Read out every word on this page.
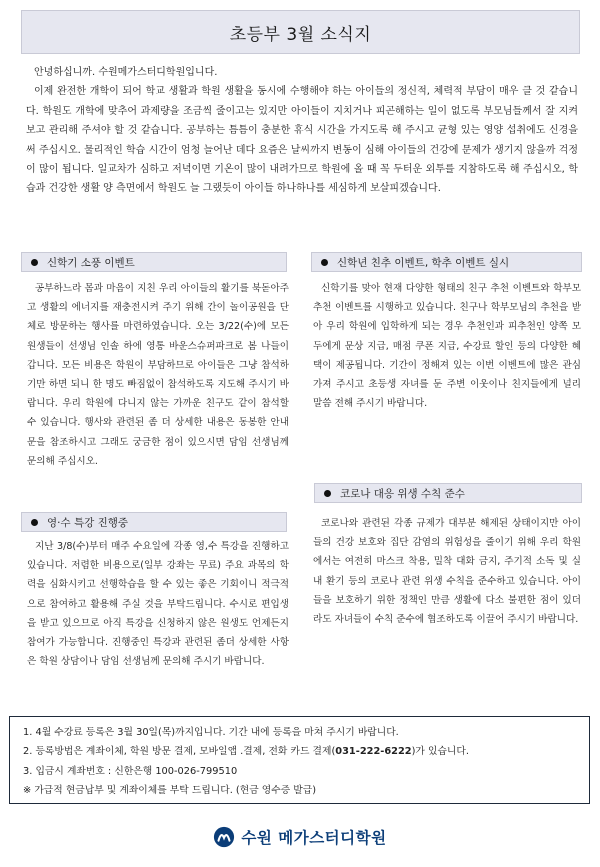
초등부 3월 소식지

안녕하십니까. 수원메가스터디학원입니다.

이제 완전한 개학이 되어 학교 생활과 학원 생활을 동시에 수행해야 하는 아이들의 정신적, 체력적 부담이 매우 클 것 같습니다. 학원도 개학에 맞추어 과제량을 조금씩 줄이고는 있지만 아이들이 지치거나 피곤해하는 일이 없도록 부모님들께서 잘 지켜보고 관리해 주셔야 할 것 같습니다. 공부하는 틈틈이 충분한 휴식 시간을 가지도록 해 주시고 균형 있는 영양 섭취에도 신경을 써 주십시오. 물리적인 학습 시간이 엄청 늘어난 데다 요즘은 날씨까지 변동이 심해 아이들의 건강에 문제가 생기지 않을까 걱정이 많이 됩니다. 일교차가 심하고 저녁이면 기온이 많이 내려가므로 학원에 올 때 꼭 두터운 외투를 지참하도록 해 주십시오, 학습과 건강한 생활 양 측면에서 학원도 늘 그랬듯이 아이들 하나하나를 세심하게 보살피겠습니다.

신학기 소풍 이벤트

공부하느라 몸과 마음이 지친 우리 아이들의 활기를 북돋아주고 생활의 에너지를 재충전시켜 주기 위해 간이 놀이공원을 단체로 방문하는 행사를 마련하였습니다. 오는 3/22(수)에 모든 원생들이 선생님 인솔 하에 영통 바운스슈퍼파크로 봄 나들이 갑니다. 모든 비용은 학원이 부담하므로 아이들은 그냥 참석하기만 하면 되니 한 명도 빠짐없이 참석하도록 지도해 주시기 바랍니다. 우리 학원에 다니지 않는 가까운 친구도 같이 참석할 수 있습니다. 행사와 관련된 좀 더 상세한 내용은 동봉한 안내문을 참조하시고 그래도 궁금한 점이 있으시면 담임 선생님께 문의해 주십시오.

영·수 특강 진행중

지난 3/8(수)부터 매주 수요일에 각종 영,수 특강을 진행하고 있습니다. 저렴한 비용으로(일부 강좌는 무료) 주요 과목의 학력을 심화시키고 선행학습을 할 수 있는 좋은 기회이니 적극적으로 참여하고 활용해 주실 것을 부탁드립니다. 수시로 편입생을 받고 있으므로 아직 특강을 신청하지 않은 원생도 언제든지 참여가 가능합니다. 진행중인 특강과 관련된 좀더 상세한 사항은 학원 상담이나 담임 선생님께 문의해 주시기 바랍니다.

신학년 친추 이벤트, 학추 이벤트 실시

신학기를 맞아 현재 다양한 형태의 친구 추천 이벤트와 학부모 추천 이벤트를 시행하고 있습니다. 친구나 학부모님의 추천을 받아 우리 학원에 입학하게 되는 경우 추천인과 피추천인 양쪽 모두에게 문상 지급, 매점 쿠폰 지급, 수강료 할인 등의 다양한 혜택이 제공됩니다. 기간이 정해져 있는 이번 이벤트에 많은 관심 가져 주시고 초등생 자녀를 둔 주변 이웃이나 친지들에게 널리 말씀 전해 주시기 바랍니다.

코로나 대응 위생 수칙 준수

코로나와 관련된 각종 규제가 대부분 해제된 상태이지만 아이들의 건강 보호와 집단 감염의 위험성을 줄이기 위해 우리 학원에서는 여전히 마스크 착용, 밀착 대화 금지, 주기적 소독 및 실내 환기 등의 코로나 관련 위생 수칙을 준수하고 있습니다. 아이들을 보호하기 위한 정책인 만큼 생활에 다소 불편한 점이 있더라도 자녀들이 수칙 준수에 협조하도록 이끌어 주시기 바랍니다.

1. 4월 수강료 등록은 3월 30일(목)까지입니다. 기간 내에 등록을 마쳐 주시기 바랍니다.
2. 등록방법은 계좌이체, 학원 방문 결제, 모바일앱 .결제, 전화 카드 결제(031-222-6222)가 있습니다.
3. 입금시 계좌번호 : 신한은행 100-026-799510
※ 가급적 현금납부 및 계좌이체를 부탁 드립니다. (현금 영수증 발급)
수원 메가스터디학원
